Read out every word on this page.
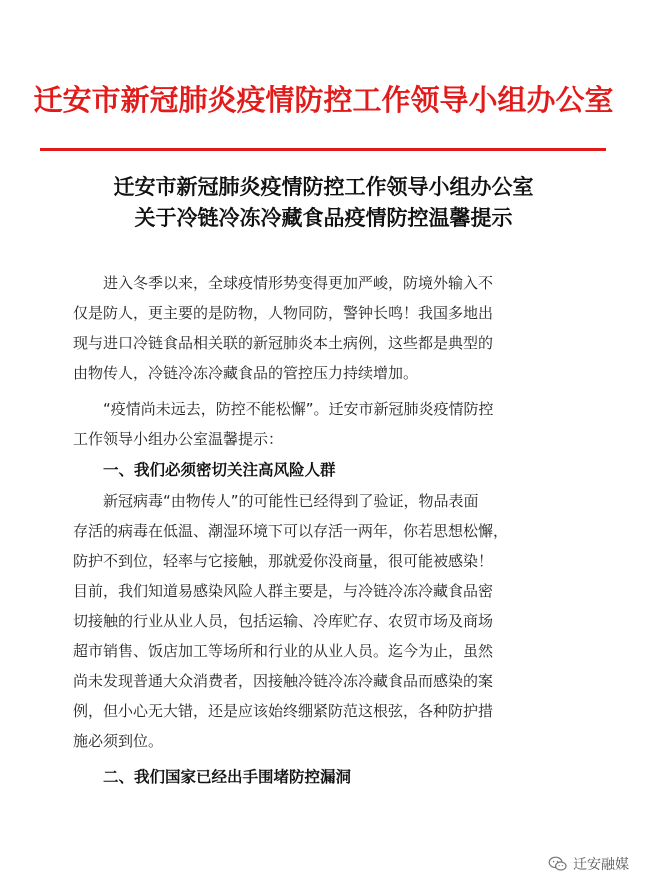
迁安市新冠肺炎疫情防控工作领导小组办公室
迁安市新冠肺炎疫情防控工作领导小组办公室
关于冷链冷冻冷藏食品疫情防控温馨提示
进入冬季以来，全球疫情形势变得更加严峻，防境外输入不
仅是防人，更主要的是防物，人物同防，警钟长鸣！我国多地出
现与进口冷链食品相关联的新冠肺炎本土病例，这些都是典型的
由物传人，冷链冷冻冷藏食品的管控压力持续增加。
“疫情尚未远去，防控不能松懈”。迁安市新冠肺炎疫情防控
工作领导小组办公室温馨提示：
一、我们必须密切关注高风险人群
新冠病毒“由物传人”的可能性已经得到了验证，物品表面
存活的病毒在低温、潮湿环境下可以存活一两年，你若思想松懈，
防护不到位，轻率与它接触，那就爱你没商量，很可能被感染！
目前，我们知道易感染风险人群主要是，与冷链冷冻冷藏食品密
切接触的行业从业人员，包括运输、冷库贮存、农贸市场及商场
超市销售、饭店加工等场所和行业的从业人员。迄今为止，虽然
尚未发现普通大众消费者，因接触冷链冷冻冷藏食品而感染的案
例，但小心无大错，还是应该始终绷紧防范这根弦，各种防护措
施必须到位。
二、我们国家已经出手围堵防控漏洞
迁安融媒
